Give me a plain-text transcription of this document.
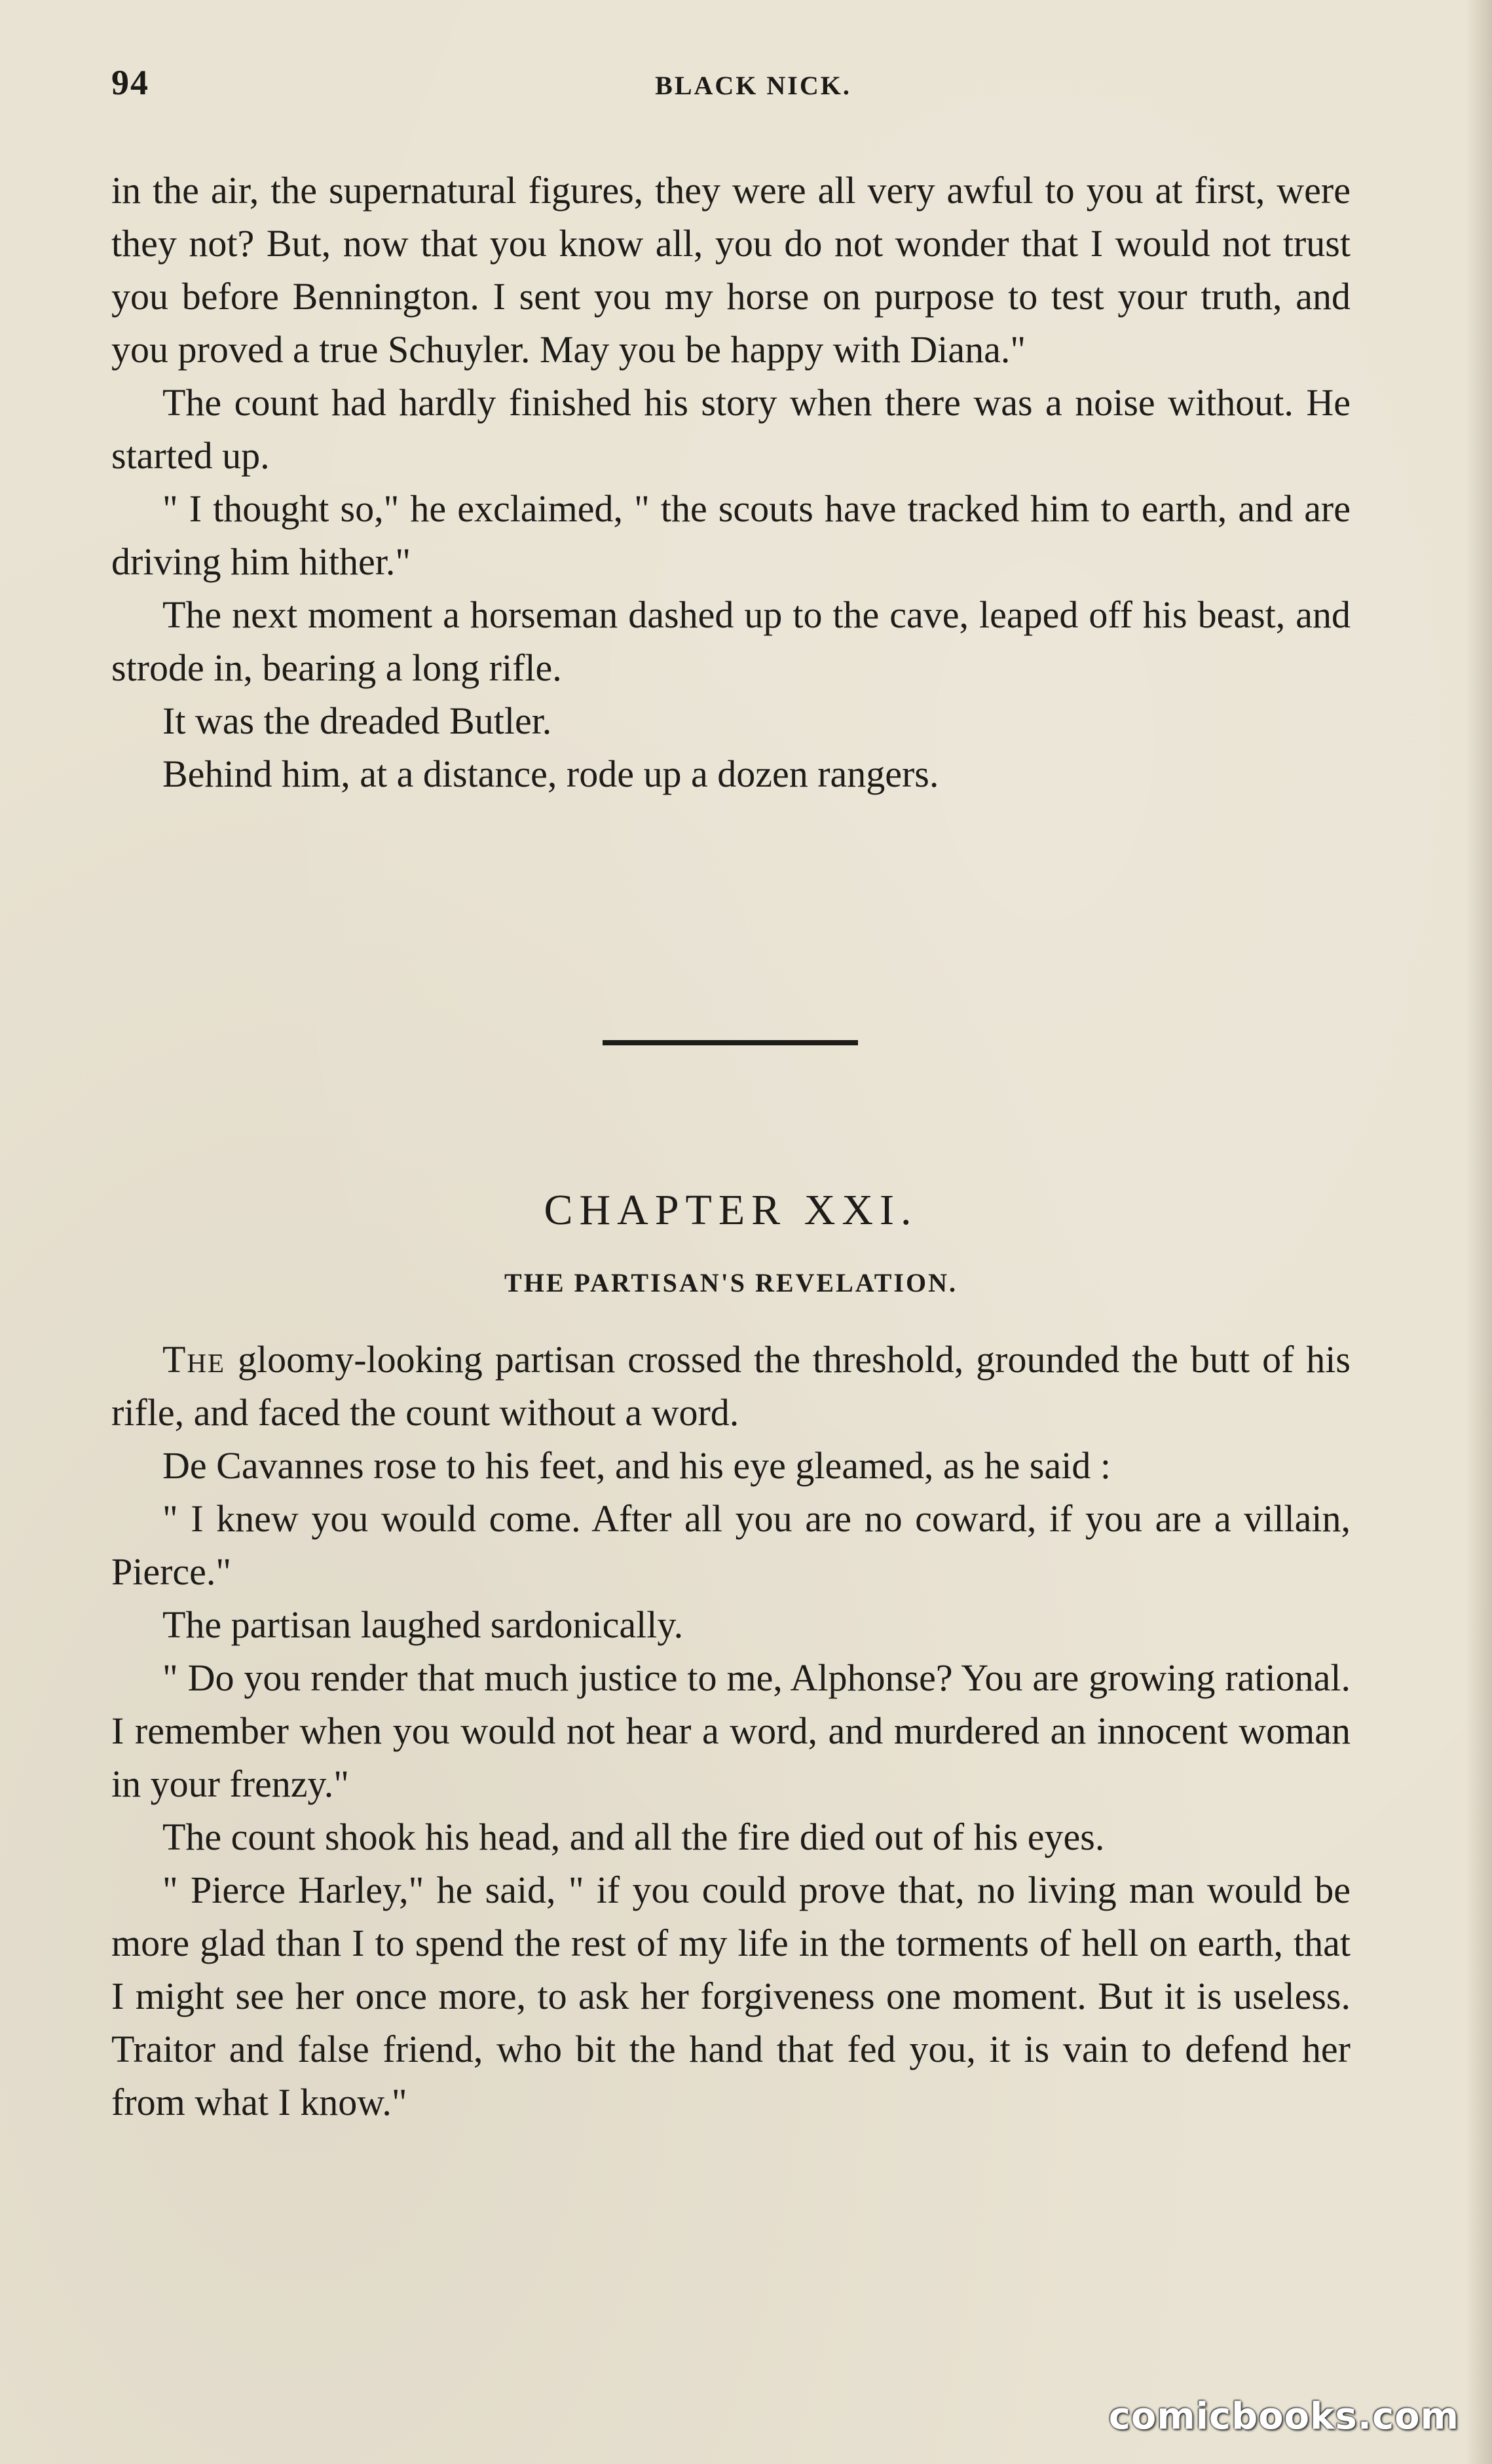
94	BLACK NICK.

in the air, the supernatural figures, they were all very awful to you at first, were they not? But, now that you know all, you do not wonder that I would not trust you before Bennington. I sent you my horse on purpose to test your truth, and you proved a true Schuyler. May you be happy with Diana."

The count had hardly finished his story when there was a noise without. He started up.

" I thought so," he exclaimed, " the scouts have tracked him to earth, and are driving him hither."

The next moment a horseman dashed up to the cave, leaped off his beast, and strode in, bearing a long rifle.

It was the dreaded Butler.

Behind him, at a distance, rode up a dozen rangers.

CHAPTER XXI.
THE PARTISAN'S REVELATION.

The gloomy-looking partisan crossed the threshold, grounded the butt of his rifle, and faced the count without a word.

De Cavannes rose to his feet, and his eye gleamed, as he said :

" I knew you would come. After all you are no coward, if you are a villain, Pierce."

The partisan laughed sardonically.

" Do you render that much justice to me, Alphonse? You are growing rational. I remember when you would not hear a word, and murdered an innocent woman in your frenzy."

The count shook his head, and all the fire died out of his eyes.

" Pierce Harley," he said, " if you could prove that, no living man would be more glad than I to spend the rest of my life in the torments of hell on earth, that I might see her once more, to ask her forgiveness one moment. But it is useless. Traitor and false friend, who bit the hand that fed you, it is vain to defend her from what I know."

comicbooks.com
